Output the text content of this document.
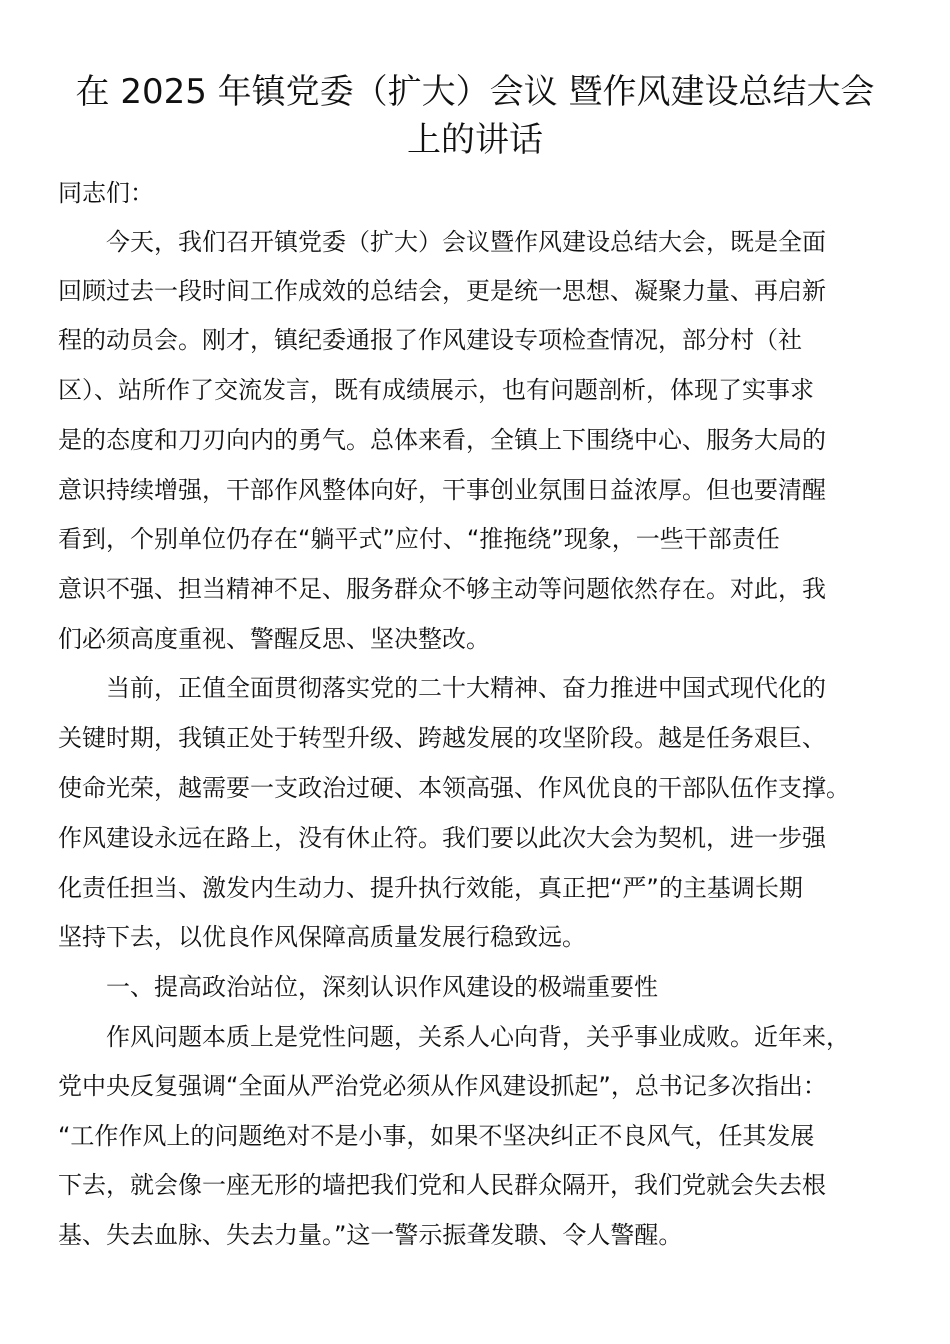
在 2025 年镇党委（扩大）会议 暨作风建设总结大会
上的讲话
同志们：
今天，我们召开镇党委（扩大）会议暨作风建设总结大会，既是全面
回顾过去一段时间工作成效的总结会，更是统一思想、凝聚力量、再启新
程的动员会。刚才，镇纪委通报了作风建设专项检查情况，部分村（社
区）、站所作了交流发言，既有成绩展示，也有问题剖析，体现了实事求
是的态度和刀刃向内的勇气。总体来看，全镇上下围绕中心、服务大局的
意识持续增强，干部作风整体向好，干事创业氛围日益浓厚。但也要清醒
看到，个别单位仍存在“躺平式”应付、“推拖绕”现象，一些干部责任
意识不强、担当精神不足、服务群众不够主动等问题依然存在。对此，我
们必须高度重视、警醒反思、坚决整改。
当前，正值全面贯彻落实党的二十大精神、奋力推进中国式现代化的
关键时期，我镇正处于转型升级、跨越发展的攻坚阶段。越是任务艰巨、
使命光荣，越需要一支政治过硬、本领高强、作风优良的干部队伍作支撑。
作风建设永远在路上，没有休止符。我们要以此次大会为契机，进一步强
化责任担当、激发内生动力、提升执行效能，真正把“严”的主基调长期
坚持下去，以优良作风保障高质量发展行稳致远。
一、提高政治站位，深刻认识作风建设的极端重要性
作风问题本质上是党性问题，关系人心向背，关乎事业成败。近年来，
党中央反复强调“全面从严治党必须从作风建设抓起”，总书记多次指出：
“工作作风上的问题绝对不是小事，如果不坚决纠正不良风气，任其发展
下去，就会像一座无形的墙把我们党和人民群众隔开，我们党就会失去根
基、失去血脉、失去力量。”这一警示振聋发聩、令人警醒。
